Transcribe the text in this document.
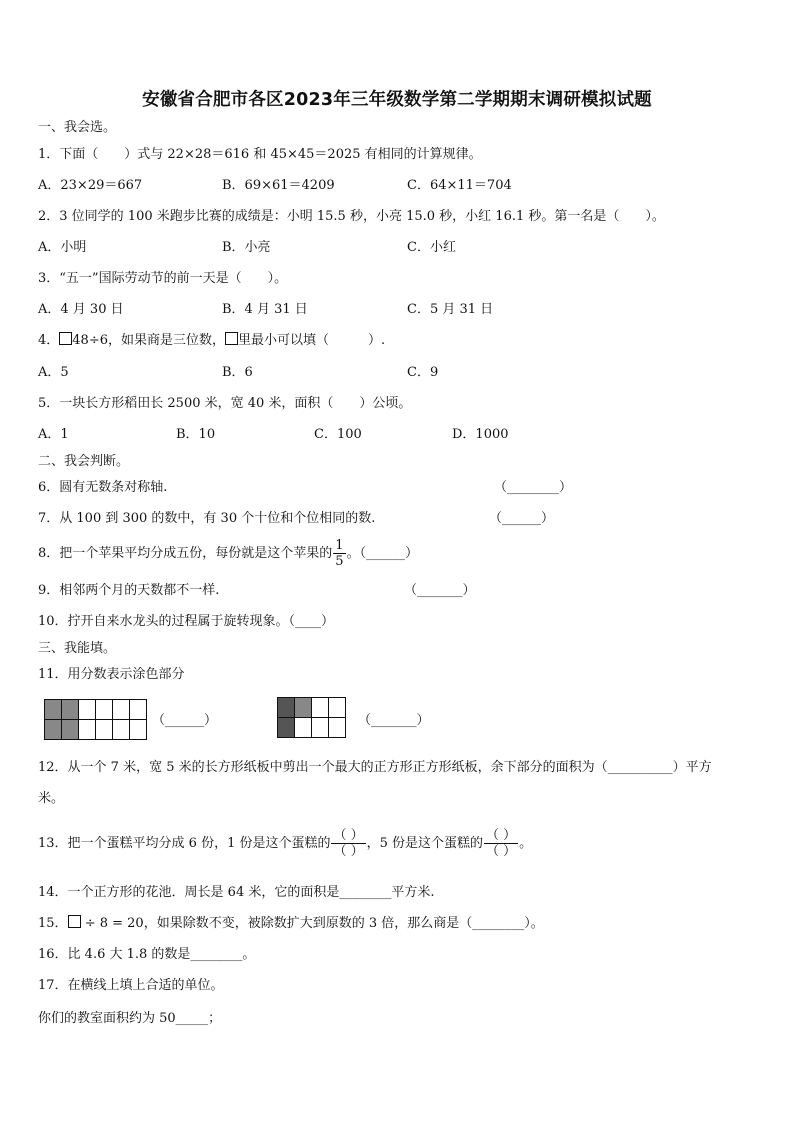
安徽省合肥市各区2023年三年级数学第二学期期末调研模拟试题
一、我会选。
1．下面（　　）式与 22×28＝616 和 45×45＝2025 有相同的计算规律。
A．23×29＝667	B．69×61＝4209	C．64×11＝704
2．3 位同学的 100 米跑步比赛的成绩是：小明 15.5 秒，小亮 15.0 秒，小红 16.1 秒。第一名是（　　）。
A．小明	B．小亮	C．小红
3．“五一”国际劳动节的前一天是（　　）。
A．4 月 30 日	B．4 月 31 日	C．5 月 31 日
4． 48÷6，如果商是三位数， 里最小可以填（　　　）.
A．5	B．6	C．9
5．一块长方形稻田长 2500 米，宽 40 米，面积（　　）公顷。
A．1	B．10	C．100	D．1000
二、我会判断。
6．圆有无数条对称轴.	（________）
7．从 100 到 300 的数中，有 30 个十位和个位相同的数.	（______）
8．把一个苹果平均分成五份，每份就是这个苹果的 $\frac{1}{5}$ 。（______）
9．相邻两个月的天数都不一样.	（_______）
10．拧开自来水龙头的过程属于旋转现象。（____）
三、我能填。
11．用分数表示涂色部分

（______）

				（_______）
12．从一个 7 米，宽 5 米的长方形纸板中剪出一个最大的正方形正方形纸板，余下部分的面积为（__________）平方
米。
13．把一个蛋糕平均分成 6 份，1 份是这个蛋糕的 $\frac{( )}{( )}$ ，5 份是这个蛋糕的 $\frac{( )}{( )}$ 。
14．一个正方形的花池．周长是 64 米，它的面积是________平方米.
15． ÷ 8 = 20，如果除数不变，被除数扩大到原数的 3 倍，那么商是（________）。
16．比 4.6 大 1.8 的数是________。
17．在横线上填上合适的单位。
你们的教室面积约为 50_____；
